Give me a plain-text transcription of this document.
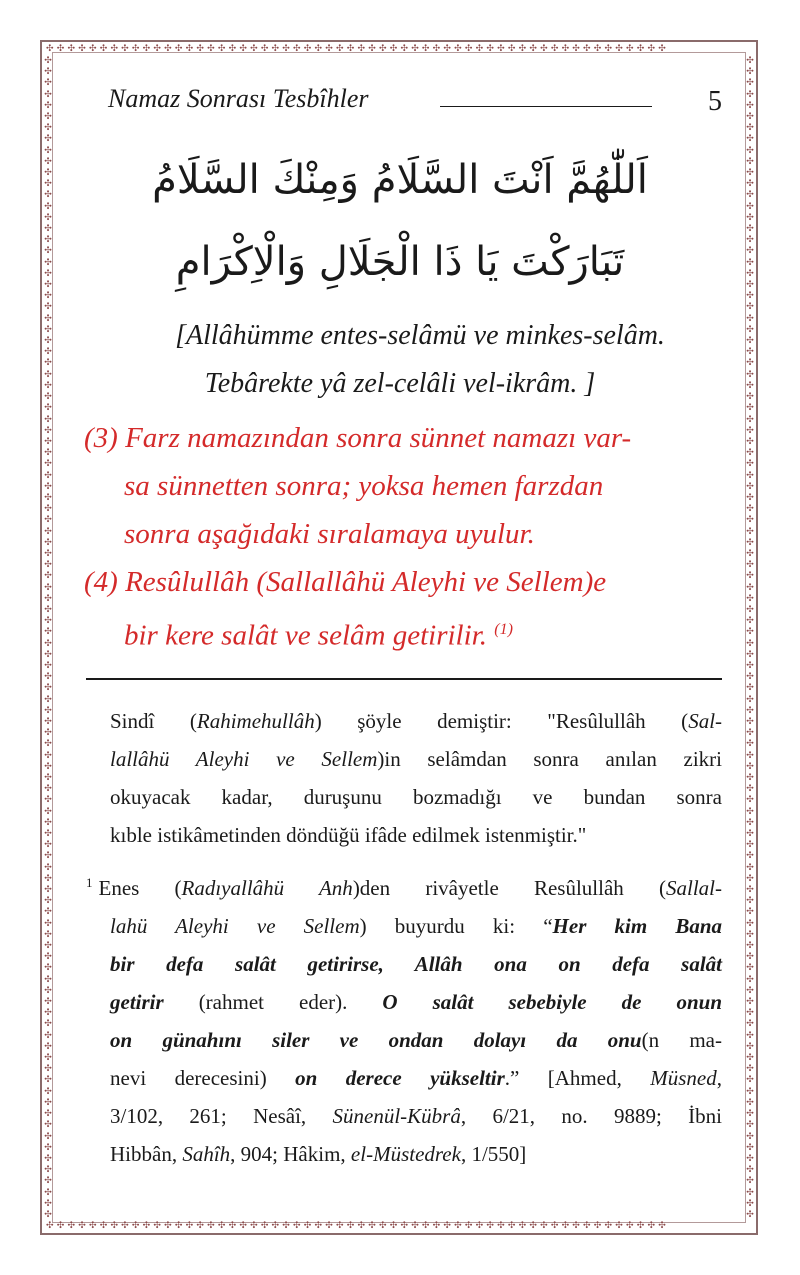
✣✣✣✣✣✣✣✣✣✣✣✣✣✣✣✣✣✣✣✣✣✣✣✣✣✣✣✣✣✣✣✣✣✣✣✣✣✣✣✣✣✣✣✣✣✣✣✣✣✣✣✣✣✣✣✣✣✣
✣✣✣✣✣✣✣✣✣✣✣✣✣✣✣✣✣✣✣✣✣✣✣✣✣✣✣✣✣✣✣✣✣✣✣✣✣✣✣✣✣✣✣✣✣✣✣✣✣✣✣✣✣✣✣✣✣✣
✣✣✣✣✣✣✣✣✣✣✣✣✣✣✣✣✣✣✣✣✣✣✣✣✣✣✣✣✣✣✣✣✣✣✣✣✣✣✣✣✣✣✣✣✣✣✣✣✣✣✣✣✣✣✣✣✣✣✣✣✣✣✣✣✣✣✣✣✣✣✣✣✣✣✣✣✣✣✣✣✣✣✣✣✣✣✣✣✣✣✣✣✣✣✣✣✣✣✣✣✣✣✣✣
✣✣✣✣✣✣✣✣✣✣✣✣✣✣✣✣✣✣✣✣✣✣✣✣✣✣✣✣✣✣✣✣✣✣✣✣✣✣✣✣✣✣✣✣✣✣✣✣✣✣✣✣✣✣✣✣✣✣✣✣✣✣✣✣✣✣✣✣✣✣✣✣✣✣✣✣✣✣✣✣✣✣✣✣✣✣✣✣✣✣✣✣✣✣✣✣✣✣✣✣✣✣✣✣
Namaz Sonrası Tesbîhler	5
اَللّٰهُمَّ اَنْتَ السَّلَامُ وَمِنْكَ السَّلَامُ
تَبَارَكْتَ يَا ذَا الْجَلَالِ وَالْاِكْرَامِ
[Allâhümme entes-selâmü ve minkes-selâm.
Tebârekte yâ zel-celâli vel-ikrâm. ]
(3) Farz namazından sonra sünnet namazı var-
sa sünnetten sonra; yoksa hemen farzdan
sonra aşağıdaki sıralamaya uyulur.
(4) Resûlullâh (Sallallâhü Aleyhi ve Sellem)e
bir kere salât ve selâm getirilir. $^{(1)}$
Sindî (Rahimehullâh) şöyle demiştir: "Resûlullâh (Sal-
lallâhü Aleyhi ve Sellem)in selâmdan sonra anılan zikri
okuyacak kadar, duruşunu bozmadığı ve bundan sonra
kıble istikâmetinden döndüğü ifâde edilmek istenmiştir."
$^1$ Enes (Radıyallâhü Anh)den rivâyetle Resûlullâh (Sallal-
lahü Aleyhi ve Sellem) buyurdu ki: “Her kim Bana
bir defa salât getirirse, Allâh ona on defa salât
getirir (rahmet eder). O salât sebebiyle de onun
on günahını siler ve ondan dolayı da onu(n ma-
nevi derecesini) on derece yükseltir.” [Ahmed, Müsned,
3/102, 261; Nesâî, Sünenül-Kübrâ, 6/21, no. 9889; İbni
Hibbân, Sahîh, 904; Hâkim, el-Müstedrek, 1/550]
